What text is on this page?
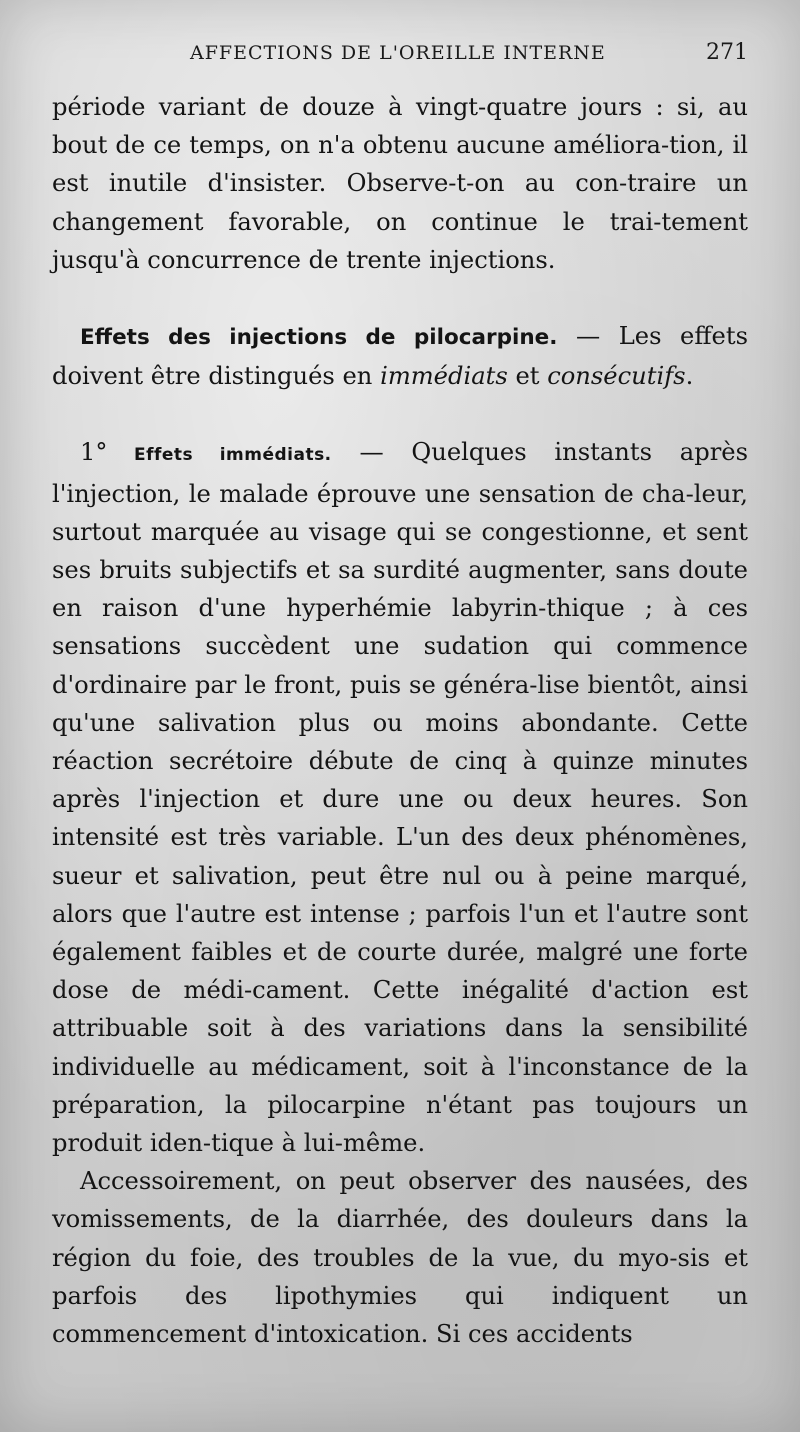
AFFECTIONS DE L'OREILLE INTERNE	271

période variant de douze à vingt-quatre jours : si, au bout de ce temps, on n'a obtenu aucune améliora-tion, il est inutile d'insister. Observe-t-on au con-traire un changement favorable, on continue le trai-tement jusqu'à concurrence de trente injections.

Effets des injections de pilocarpine. — Les effets doivent être distingués en immédiats et consécutifs.

1° Effets immédiats. — Quelques instants après l'injection, le malade éprouve une sensation de cha-leur, surtout marquée au visage qui se congestionne, et sent ses bruits subjectifs et sa surdité augmenter, sans doute en raison d'une hyperhémie labyrin-thique ; à ces sensations succèdent une sudation qui commence d'ordinaire par le front, puis se généra-lise bientôt, ainsi qu'une salivation plus ou moins abondante. Cette réaction secrétoire débute de cinq à quinze minutes après l'injection et dure une ou deux heures. Son intensité est très variable. L'un des deux phénomènes, sueur et salivation, peut être nul ou à peine marqué, alors que l'autre est intense ; parfois l'un et l'autre sont également faibles et de courte durée, malgré une forte dose de médi-cament. Cette inégalité d'action est attribuable soit à des variations dans la sensibilité individuelle au médicament, soit à l'inconstance de la préparation, la pilocarpine n'étant pas toujours un produit iden-tique à lui-même.

Accessoirement, on peut observer des nausées, des vomissements, de la diarrhée, des douleurs dans la région du foie, des troubles de la vue, du myo-sis et parfois des lipothymies qui indiquent un commencement d'intoxication. Si ces accidents
